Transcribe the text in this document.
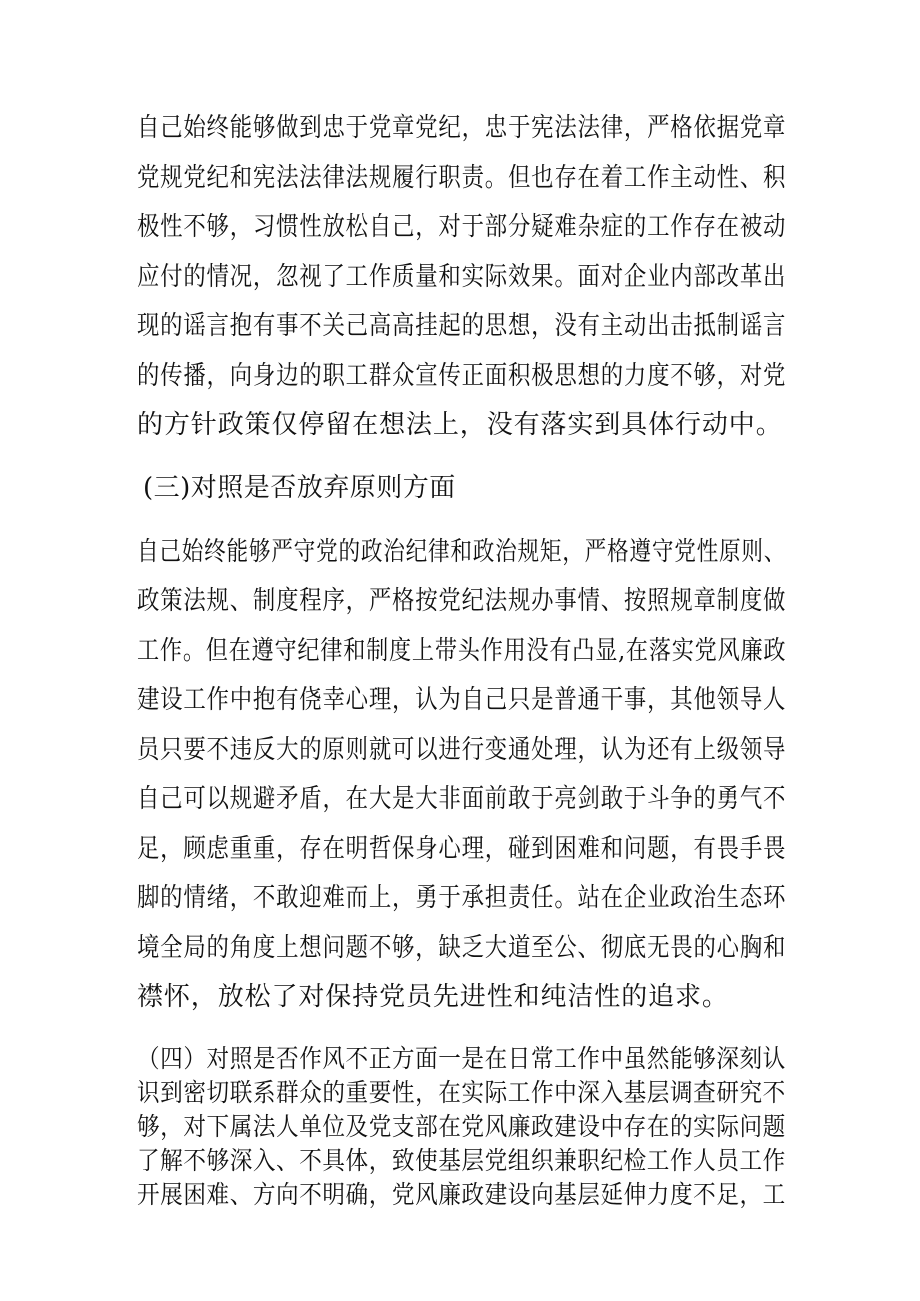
自己始终能够做到忠于党章党纪，忠于宪法法律，严格依据党章
党规党纪和宪法法律法规履行职责。但也存在着工作主动性、积
极性不够，习惯性放松自己，对于部分疑难杂症的工作存在被动
应付的情况，忽视了工作质量和实际效果。面对企业内部改革出
现的谣言抱有事不关己高高挂起的思想，没有主动出击抵制谣言
的传播，向身边的职工群众宣传正面积极思想的力度不够，对党
的方针政策仅停留在想法上，没有落实到具体行动中。
(三)对照是否放弃原则方面
自己始终能够严守党的政治纪律和政治规矩，严格遵守党性原则、
政策法规、制度程序，严格按党纪法规办事情、按照规章制度做
工作。但在遵守纪律和制度上带头作用没有凸显,在落实党风廉政
建设工作中抱有侥幸心理，认为自己只是普通干事，其他领导人
员只要不违反大的原则就可以进行变通处理，认为还有上级领导
自己可以规避矛盾，在大是大非面前敢于亮剑敢于斗争的勇气不
足，顾虑重重，存在明哲保身心理，碰到困难和问题，有畏手畏
脚的情绪，不敢迎难而上，勇于承担责任。站在企业政治生态环
境全局的角度上想问题不够，缺乏大道至公、彻底无畏的心胸和
襟怀，放松了对保持党员先进性和纯洁性的追求。
（四）对照是否作风不正方面一是在日常工作中虽然能够深刻认
识到密切联系群众的重要性，在实际工作中深入基层调查研究不
够，对下属法人单位及党支部在党风廉政建设中存在的实际问题
了解不够深入、不具体，致使基层党组织兼职纪检工作人员工作
开展困难、方向不明确，党风廉政建设向基层延伸力度不足，工
